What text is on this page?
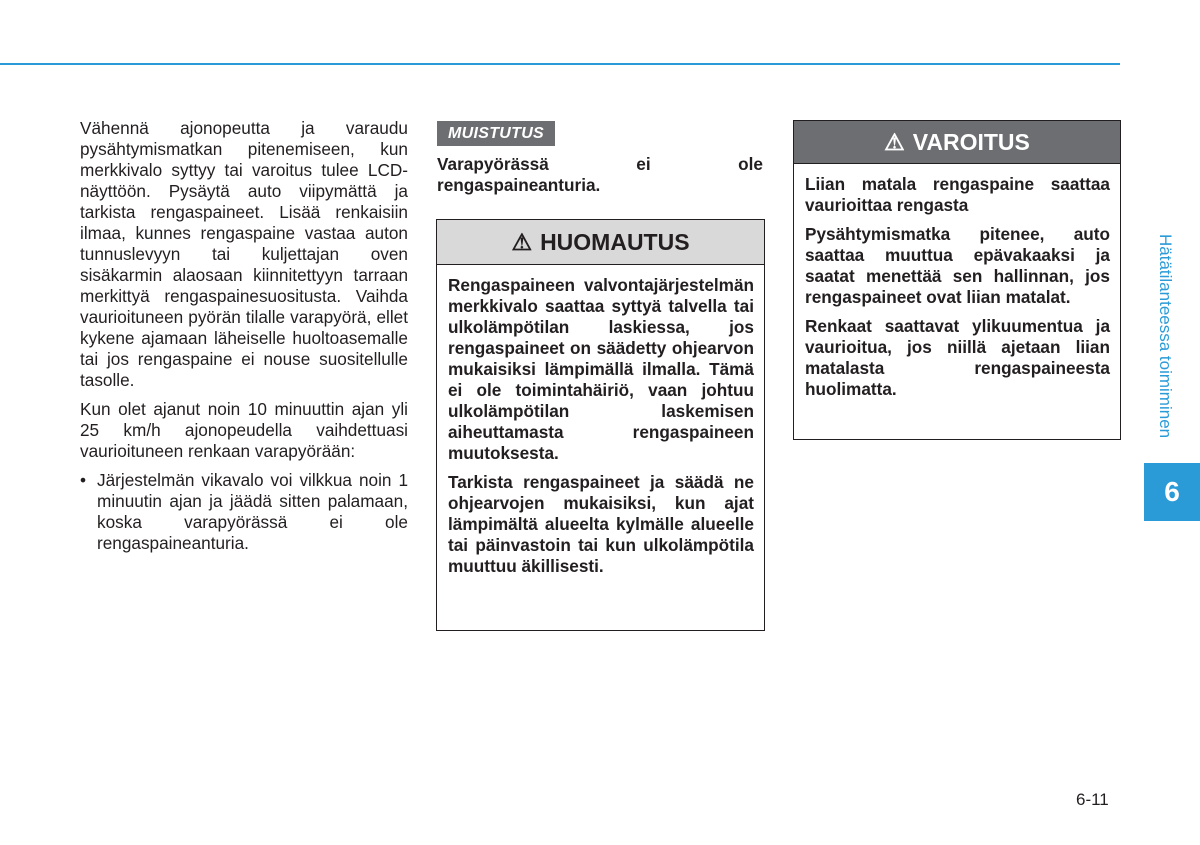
Vähennä ajonopeutta ja varaudu pysähtymismatkan pitenemiseen, kun merkkivalo syttyy tai varoitus tulee LCD-näyttöön. Pysäytä auto viipymättä ja tarkista rengaspaineet. Lisää renkaisiin ilmaa, kunnes rengaspaine vastaa auton tunnuslevyyn tai kuljettajan oven sisäkarmin alaosaan kiinnitettyyn tarraan merkittyä rengaspainesuositusta. Vaihda vaurioituneen pyörän tilalle varapyörä, ellet kykene ajamaan läheiselle huoltoasemalle tai jos rengaspaine ei nouse suositellulle tasolle.

Kun olet ajanut noin 10 minuuttin ajan yli 25 km/h ajonopeudella vaihdettuasi vaurioituneen renkaan varapyörään:

• Järjestelmän vikavalo voi vilkkua noin 1 minuutin ajan ja jäädä sitten palamaan, koska varapyörässä ei ole rengaspaineanturia.
MUISTUTUS

Varapyörässä ei ole rengaspaineanturia.

⚠ HUOMAUTUS

Rengaspaineen valvontajärjestelmän merkkivalo saattaa syttyä talvella tai ulkolämpötilan laskiessa, jos rengaspaineet on säädetty ohjearvon mukaisiksi lämpimällä ilmalla. Tämä ei ole toimintahäiriö, vaan johtuu ulkolämpötilan laskemisen aiheuttamasta rengaspaineen muutoksesta.

Tarkista rengaspaineet ja säädä ne ohjearvojen mukaisiksi, kun ajat lämpimältä alueelta kylmälle alueelle tai päinvastoin tai kun ulkolämpötila muuttuu äkillisesti.

⚠ VAROITUS

Liian matala rengaspaine saattaa vaurioittaa rengasta

Pysähtymismatka pitenee, auto saattaa muuttua epävakaaksi ja saatat menettää sen hallinnan, jos rengaspaineet ovat liian matalat.

Renkaat saattavat ylikuumentua ja vaurioitua, jos niillä ajetaan liian matalasta rengaspaineesta huolimatta.	Hätätilanteessa toimiminen
6
6-11
